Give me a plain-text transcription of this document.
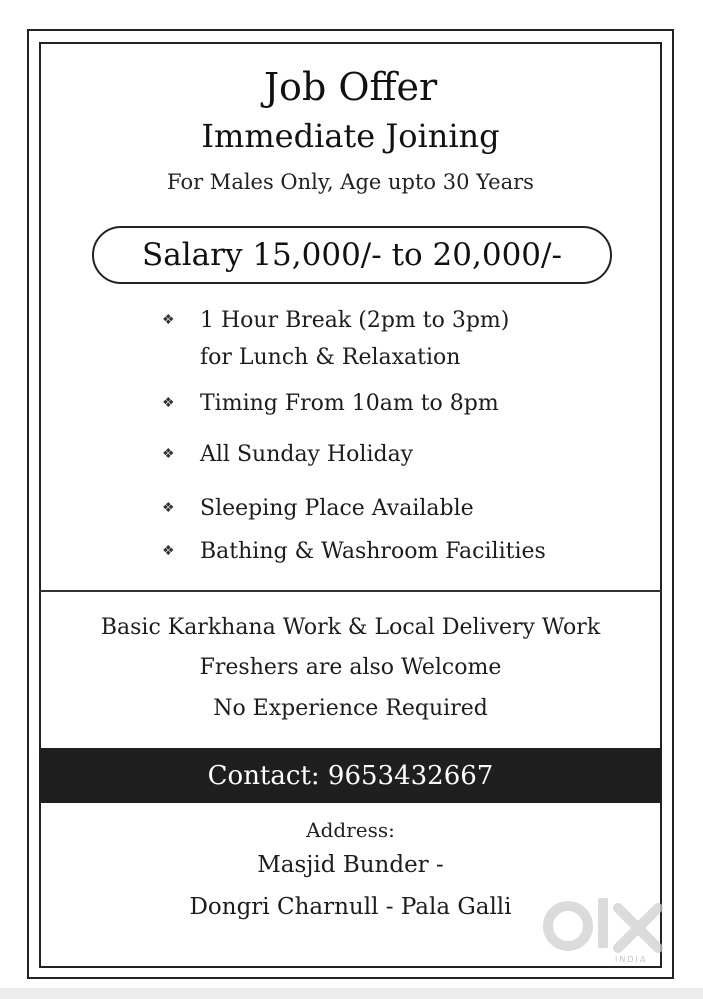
Job Offer
Immediate Joining
For Males Only, Age upto 30 Years
Salary 15,000/- to 20,000/-
❖	1 Hour Break (2pm to 3pm)
for Lunch & Relaxation
❖	Timing From 10am to 8pm
❖	All Sunday Holiday
❖	Sleeping Place Available
❖	Bathing & Washroom Facilities
Basic Karkhana Work & Local Delivery Work
Freshers are also Welcome
No Experience Required
Contact: 9653432667
Address:
Masjid Bunder -
Dongri Charnull - Pala Galli
INDIA
